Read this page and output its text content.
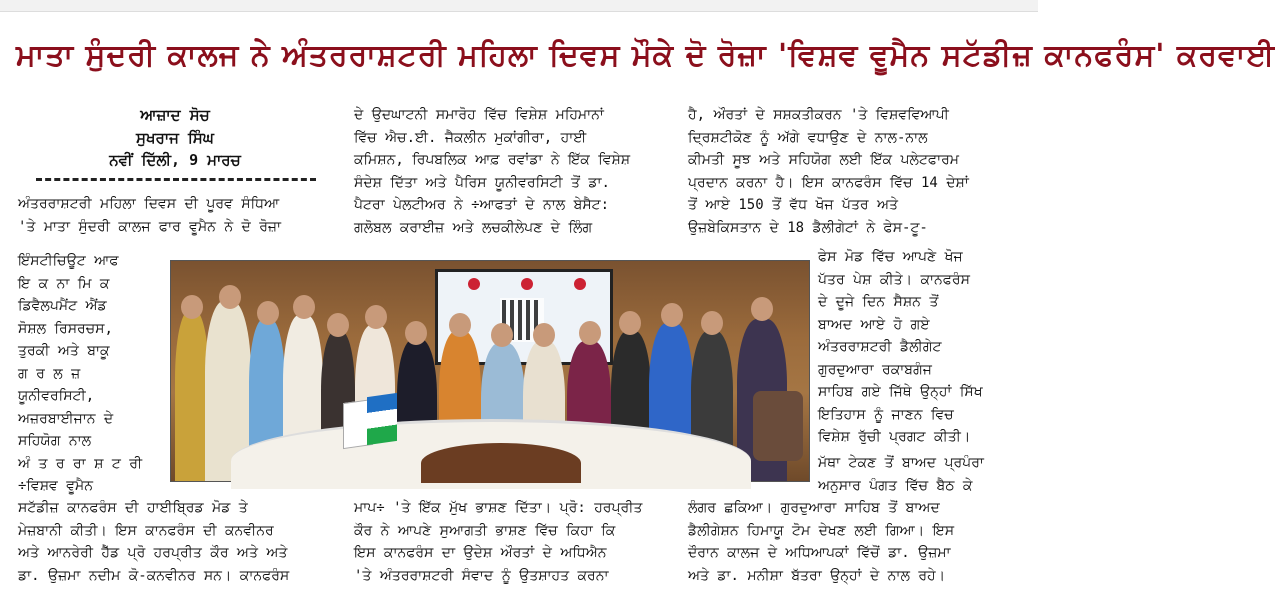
ਮਾਤਾ ਸੁੰਦਰੀ ਕਾਲਜ ਨੇ ਅੰਤਰਰਾਸ਼ਟਰੀ ਮਹਿਲਾ ਦਿਵਸ ਮੌਕੇ ਦੋ ਰੋਜ਼ਾ 'ਵਿਸ਼ਵ ਵੂਮੈਨ ਸਟੱਡੀਜ਼ ਕਾਨਫਰੰਸ' ਕਰਵਾਈ

ਆਜ਼ਾਦ ਸੋਚ

ਸੁਖਰਾਜ ਸਿੰਘ

ਨਵੀਂ ਦਿੱਲੀ, 9 ਮਾਰਚ

ਅੰਤਰਰਾਸ਼ਟਰੀ ਮਹਿਲਾ ਦਿਵਸ ਦੀ ਪੂਰਵ ਸੰਧਿਆ

'ਤੇ ਮਾਤਾ ਸੁੰਦਰੀ ਕਾਲਜ ਫਾਰ ਵੂਮੈਨ ਨੇ ਦੋ ਰੋਜ਼ਾ

ਇੰਸਟੀਚਿਊਟ ਆਫ

ਇ ਕ ਨਾ ਮਿ ਕ

ਡਿਵੈਲਪਮੈਂਟ ਐਂਡ

ਸੋਸ਼ਲ ਰਿਸਰਚਸ,

ਤੁਰਕੀ ਅਤੇ ਬਾਕੂ

ਗ ਰ ਲ ਜ਼

ਯੂਨੀਵਰਸਿਟੀ,

ਅਜ਼ਰਬਾਈਜਾਨ ਦੇ

ਸਹਿਯੋਗ ਨਾਲ

ਅੰ ਤ ਰ ਰਾ ਸ਼ ਟ ਰੀ

÷ਵਿਸ਼ਵ ਵੂਮੈਨ

ਸਟੱਡੀਜ਼ ਕਾਨਫਰੰਸ ਦੀ ਹਾਈਬ੍ਰਿਡ ਮੋਡ ਤੇ

ਮੇਜ਼ਬਾਨੀ ਕੀਤੀ। ਇਸ ਕਾਨਫਰੰਸ ਦੀ ਕਨਵੀਨਰ

ਅਤੇ ਆਨਰੇਰੀ ਹੈੱਡ ਪ੍ਰੋ ਹਰਪ੍ਰੀਤ ਕੌਰ ਅਤੇ ਅਤੇ

ਡਾ. ਉਜ਼ਮਾ ਨਦੀਮ ਕੋ-ਕਨਵੀਨਰ ਸਨ। ਕਾਨਫਰੰਸ

ਦੇ ਉਦਘਾਟਨੀ ਸਮਾਰੋਹ ਵਿੱਚ ਵਿਸ਼ੇਸ਼ ਮਹਿਮਾਨਾਂ

ਵਿੱਚ ਐਚ.ਈ. ਜੈਕਲੀਨ ਮੁਕਾਂਗੀਰਾ, ਹਾਈ

ਕਮਿਸ਼ਨ, ਰਿਪਬਲਿਕ ਆਫ਼ ਰਵਾਂਡਾ ਨੇ ਇੱਕ ਵਿਸ਼ੇਸ਼

ਸੰਦੇਸ਼ ਦਿੱਤਾ ਅਤੇ ਪੈਰਿਸ ਯੂਨੀਵਰਸਿਟੀ ਤੋਂ ਡਾ.

ਪੈਟਰਾ ਪੇਲਟੀਅਰ ਨੇ ÷ਆਫਤਾਂ ਦੇ ਨਾਲ ਬੇਸੈਟ:

ਗਲੋਬਲ ਕਰਾਈਜ਼ ਅਤੇ ਲਚਕੀਲੇਪਣ ਦੇ ਲਿੰਗ

ਮਾਪ÷ 'ਤੇ ਇੱਕ ਮੁੱਖ ਭਾਸ਼ਣ ਦਿੱਤਾ। ਪ੍ਰੋ: ਹਰਪ੍ਰੀਤ

ਕੌਰ ਨੇ ਆਪਣੇ ਸੁਆਗਤੀ ਭਾਸ਼ਣ ਵਿੱਚ ਕਿਹਾ ਕਿ

ਇਸ ਕਾਨਫਰੰਸ ਦਾ ਉਦੇਸ਼ ਔਰਤਾਂ ਦੇ ਅਧਿਐਨ

'ਤੇ ਅੰਤਰਰਾਸ਼ਟਰੀ ਸੰਵਾਦ ਨੂੰ ਉਤਸ਼ਾਹਤ ਕਰਨਾ

ਹੈ, ਔਰਤਾਂ ਦੇ ਸਸ਼ਕਤੀਕਰਨ 'ਤੇ ਵਿਸ਼ਵਵਿਆਪੀ

ਦ੍ਰਿਸ਼ਟੀਕੋਣ ਨੂੰ ਅੱਗੇ ਵਧਾਉਣ ਦੇ ਨਾਲ-ਨਾਲ

ਕੀਮਤੀ ਸੂਝ ਅਤੇ ਸਹਿਯੋਗ ਲਈ ਇੱਕ ਪਲੇਟਫਾਰਮ

ਪ੍ਰਦਾਨ ਕਰਨਾ ਹੈ। ਇਸ ਕਾਨਫਰੰਸ ਵਿੱਚ 14 ਦੇਸ਼ਾਂ

ਤੋਂ ਆਏ 150 ਤੋਂ ਵੱਧ ਖੋਜ ਪੱਤਰ ਅਤੇ

ਉਜ਼ਬੇਕਿਸਤਾਨ ਦੇ 18 ਡੈਲੀਗੇਟਾਂ ਨੇ ਫੇਸ-ਟੂ-

ਫੇਸ ਮੋਡ ਵਿੱਚ ਆਪਣੇ ਖੋਜ

ਪੱਤਰ ਪੇਸ਼ ਕੀਤੇ। ਕਾਨਫਰੰਸ

ਦੇ ਦੂਜੇ ਦਿਨ ਸੈਸ਼ਨ ਤੋਂ

ਬਾਅਦ ਆਏ ਹੋ ਗਏ

ਅੰਤਰਰਾਸ਼ਟਰੀ ਡੈਲੀਗੇਟ

ਗੁਰਦੁਆਰਾ ਰਕਾਬਗੰਜ

ਸਾਹਿਬ ਗਏ ਜਿੱਥੇ ਉਨ੍ਹਾਂ ਸਿੱਖ

ਇਤਿਹਾਸ ਨੂੰ ਜਾਣਨ ਵਿਚ

ਵਿਸ਼ੇਸ਼ ਰੁੱਚੀ ਪ੍ਰਗਟ ਕੀਤੀ।

ਮੱਥਾ ਟੇਕਣ ਤੋਂ ਬਾਅਦ ਪ੍ਰਪੰਰਾ

ਅਨੁਸਾਰ ਪੰਗਤ ਵਿੱਚ ਬੈਠ ਕੇ

ਲੰਗਰ ਛਕਿਆ। ਗੁਰਦੁਆਰਾ ਸਾਹਿਬ ਤੋਂ ਬਾਅਦ

ਡੈਲੀਗੇਸ਼ਨ ਹਿਮਾਯੂ ਟੋਮ ਦੇਖਣ ਲਈ ਗਿਆ। ਇਸ

ਦੌਰਾਨ ਕਾਲਜ ਦੇ ਅਧਿਆਪਕਾਂ ਵਿੱਚੋਂ ਡਾ. ਉਜ਼ਮਾ

ਅਤੇ ਡਾ. ਮਨੀਸ਼ਾ ਬੱਤਰਾ ਉਨ੍ਹਾਂ ਦੇ ਨਾਲ ਰਹੇ।
